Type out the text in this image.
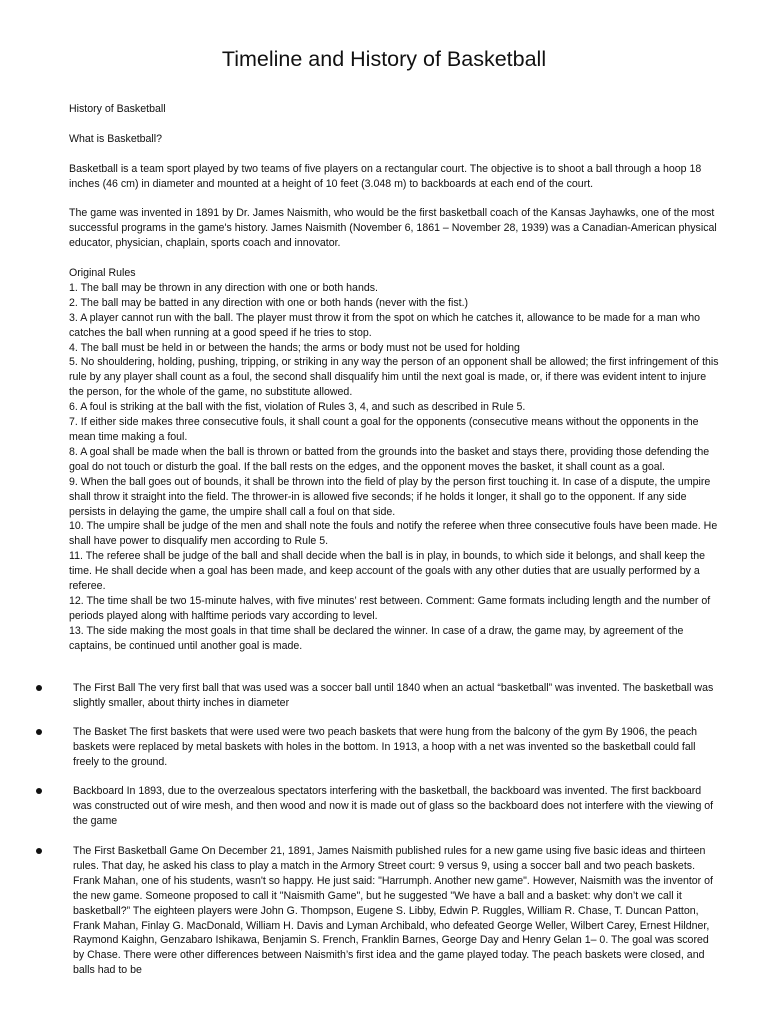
Timeline and History of Basketball

History of Basketball

What is Basketball?

Basketball is a team sport played by two teams of five players on a rectangular court. The objective is to shoot a ball through a hoop 18 inches (46 cm) in diameter and mounted at a height of 10 feet (3.048 m) to backboards at each end of the court.

The game was invented in 1891 by Dr. James Naismith, who would be the first basketball coach of the Kansas Jayhawks, one of the most successful programs in the game's history. James Naismith (November 6, 1861 – November 28, 1939) was a Canadian-American physical educator, physician, chaplain, sports coach and innovator.

Original Rules

1. The ball may be thrown in any direction with one or both hands.

2. The ball may be batted in any direction with one or both hands (never with the fist.)

3. A player cannot run with the ball. The player must throw it from the spot on which he catches it, allowance to be made for a man who catches the ball when running at a good speed if he tries to stop.

4. The ball must be held in or between the hands; the arms or body must not be used for holding

5. No shouldering, holding, pushing, tripping, or striking in any way the person of an opponent shall be allowed; the first infringement of this rule by any player shall count as a foul, the second shall disqualify him until the next goal is made, or, if there was evident intent to injure the person, for the whole of the game, no substitute allowed.

6. A foul is striking at the ball with the fist, violation of Rules 3, 4, and such as described in Rule 5.

7. If either side makes three consecutive fouls, it shall count a goal for the opponents (consecutive means without the opponents in the mean time making a foul.

8. A goal shall be made when the ball is thrown or batted from the grounds into the basket and stays there, providing those defending the goal do not touch or disturb the goal. If the ball rests on the edges, and the opponent moves the basket, it shall count as a goal.

9. When the ball goes out of bounds, it shall be thrown into the field of play by the person first touching it. In case of a dispute, the umpire shall throw it straight into the field. The thrower-in is allowed five seconds; if he holds it longer, it shall go to the opponent. If any side persists in delaying the game, the umpire shall call a foul on that side.

10. The umpire shall be judge of the men and shall note the fouls and notify the referee when three consecutive fouls have been made. He shall have power to disqualify men according to Rule 5.

11. The referee shall be judge of the ball and shall decide when the ball is in play, in bounds, to which side it belongs, and shall keep the time. He shall decide when a goal has been made, and keep account of the goals with any other duties that are usually performed by a referee.

12. The time shall be two 15-minute halves, with five minutes’ rest between. Comment: Game formats including length and the number of periods played along with halftime periods vary according to level.

13. The side making the most goals in that time shall be declared the winner. In case of a draw, the game may, by agreement of the captains, be continued until another goal is made.

The First Ball The very first ball that was used was a soccer ball until 1840 when an actual “basketball” was invented. The basketball was slightly smaller, about thirty inches in diameter

The Basket The first baskets that were used were two peach baskets that were hung from the balcony of the gym By 1906, the peach baskets were replaced by metal baskets with holes in the bottom. In 1913, a hoop with a net was invented so the basketball could fall freely to the ground.

Backboard In 1893, due to the overzealous spectators interfering with the basketball, the backboard was invented. The first backboard was constructed out of wire mesh, and then wood and now it is made out of glass so the backboard does not interfere with the viewing of the game

The First Basketball Game On December 21, 1891, James Naismith published rules for a new game using five basic ideas and thirteen rules. That day, he asked his class to play a match in the Armory Street court: 9 versus 9, using a soccer ball and two peach baskets. Frank Mahan, one of his students, wasn't so happy. He just said: "Harrumph. Another new game". However, Naismith was the inventor of the new game. Someone proposed to call it "Naismith Game", but he suggested "We have a ball and a basket: why don’t we call it basketball?” The eighteen players were John G. Thompson, Eugene S. Libby, Edwin P. Ruggles, William R. Chase, T. Duncan Patton, Frank Mahan, Finlay G. MacDonald, William H. Davis and Lyman Archibald, who defeated George Weller, Wilbert Carey, Ernest Hildner, Raymond Kaighn, Genzabaro Ishikawa, Benjamin S. French, Franklin Barnes, George Day and Henry Gelan 1– 0. The goal was scored by Chase. There were other differences between Naismith’s first idea and the game played today. The peach baskets were closed, and balls had to be
